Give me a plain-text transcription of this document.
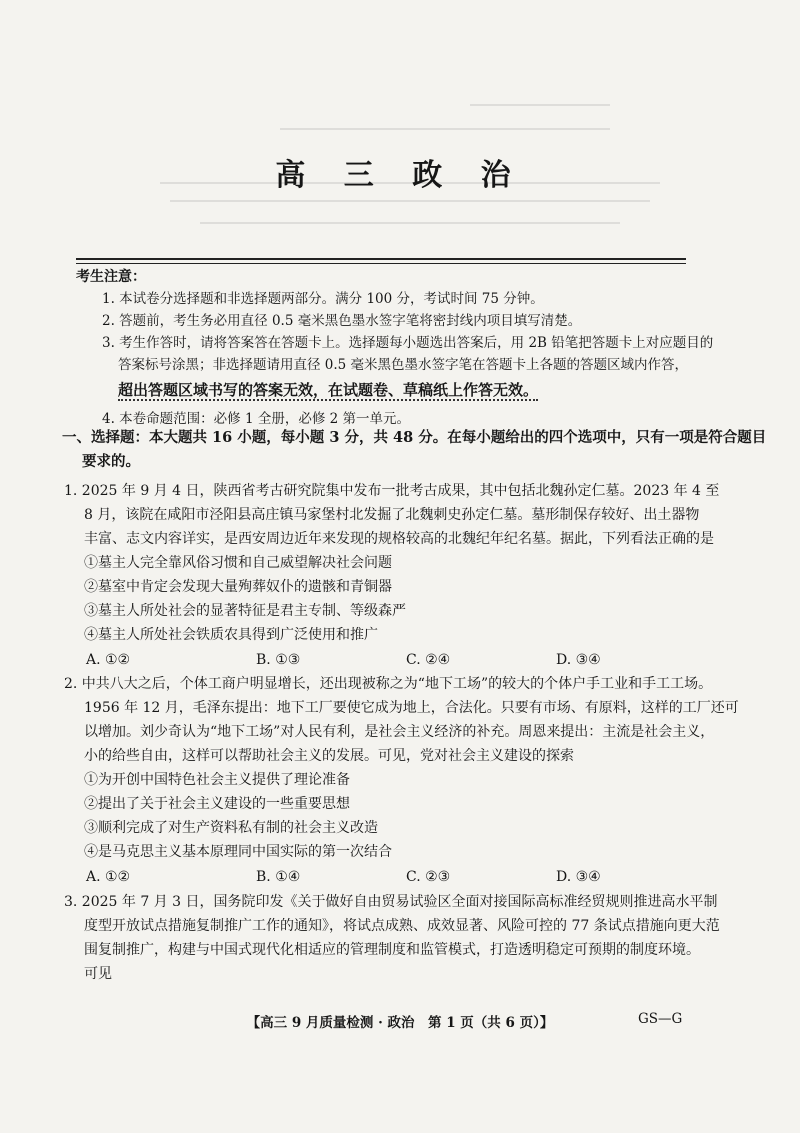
高 三 政 治
考生注意：
1. 本试卷分选择题和非选择题两部分。满分 100 分，考试时间 75 分钟。
2. 答题前，考生务必用直径 0.5 毫米黑色墨水签字笔将密封线内项目填写清楚。
3. 考生作答时，请将答案答在答题卡上。选择题每小题选出答案后，用 2B 铅笔把答题卡上对应题目的
答案标号涂黑；非选择题请用直径 0.5 毫米黑色墨水签字笔在答题卡上各题的答题区域内作答，
超出答题区域书写的答案无效，在试题卷、草稿纸上作答无效。
4. 本卷命题范围：必修 1 全册，必修 2 第一单元。
一、选择题：本大题共 16 小题，每小题 3 分，共 48 分。在每小题给出的四个选项中，只有一项是符合题目
要求的。
1. 2025 年 9 月 4 日，陕西省考古研究院集中发布一批考古成果，其中包括北魏孙定仁墓。2023 年 4 至
8 月，该院在咸阳市泾阳县高庄镇马家堡村北发掘了北魏刺史孙定仁墓。墓形制保存较好、出土器物
丰富、志文内容详实，是西安周边近年来发现的规格较高的北魏纪年纪名墓。据此，下列看法正确的是
①墓主人完全靠风俗习惯和自己威望解决社会问题
②墓室中肯定会发现大量殉葬奴仆的遗骸和青铜器
③墓主人所处社会的显著特征是君主专制、等级森严
④墓主人所处社会铁质农具得到广泛使用和推广
A. ①②	B. ①③	C. ②④	D. ③④
2. 中共八大之后，个体工商户明显增长，还出现被称之为“地下工场”的较大的个体户手工业和手工工场。
1956 年 12 月，毛泽东提出：地下工厂要使它成为地上，合法化。只要有市场、有原料，这样的工厂还可
以增加。刘少奇认为“地下工场”对人民有利，是社会主义经济的补充。周恩来提出：主流是社会主义，
小的给些自由，这样可以帮助社会主义的发展。可见，党对社会主义建设的探索
①为开创中国特色社会主义提供了理论准备
②提出了关于社会主义建设的一些重要思想
③顺利完成了对生产资料私有制的社会主义改造
④是马克思主义基本原理同中国实际的第一次结合
A. ①②	B. ①④	C. ②③	D. ③④
3. 2025 年 7 月 3 日，国务院印发《关于做好自由贸易试验区全面对接国际高标准经贸规则推进高水平制
度型开放试点措施复制推广工作的通知》，将试点成熟、成效显著、风险可控的 77 条试点措施向更大范
围复制推广，构建与中国式现代化相适应的管理制度和监管模式，打造透明稳定可预期的制度环境。
可见
【高三 9 月质量检测 · 政治　第 1 页（共 6 页）】	GS—G
